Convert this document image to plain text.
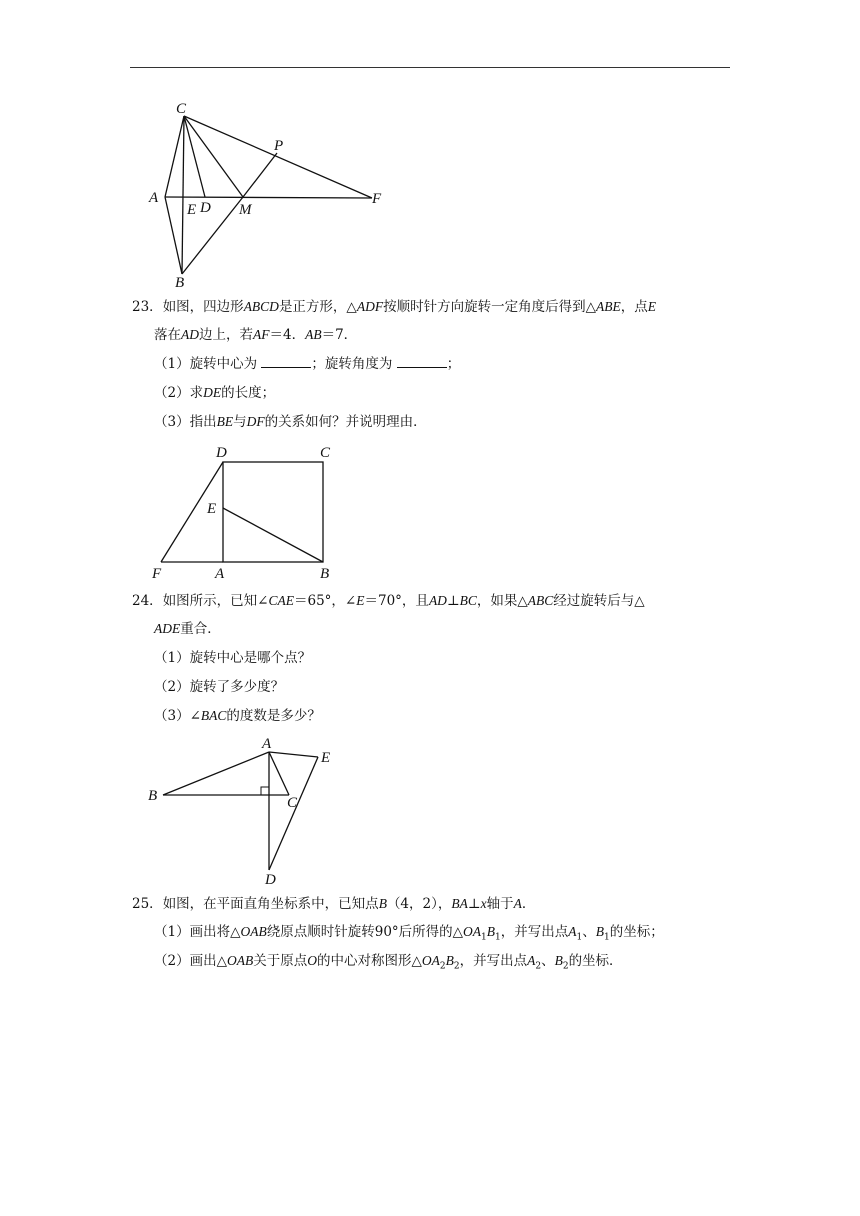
C
P
A
E D M
F
B
23．如图，四边形ABCD是正方形，△ADF按顺时针方向旋转一定角度后得到△ABE，点E
落在AD边上，若AF＝4．AB＝7．
（1）旋转中心为	；旋转角度为	；
（2）求DE的长度；
（3）指出BE与DF的关系如何？并说明理由．
D	C
E
F	A	B
24．如图所示，已知∠CAE＝65°，∠E＝70°，且AD⊥BC，如果△ABC经过旋转后与△
ADE重合．
（1）旋转中心是哪个点？
（2）旋转了多少度？
（3）∠BAC的度数是多少？
A
E
B	C
D
25．如图，在平面直角坐标系中，已知点B（4，2），BA⊥x轴于A．
（1）画出将△OAB绕原点顺时针旋转90°后所得的$\triangle OA_1B_1$，并写出点$A_1$、$B_1$的坐标；
（2）画出△OAB关于原点O的中心对称图形$\triangle OA_2B_2$，并写出点$A_2$、$B_2$的坐标．
